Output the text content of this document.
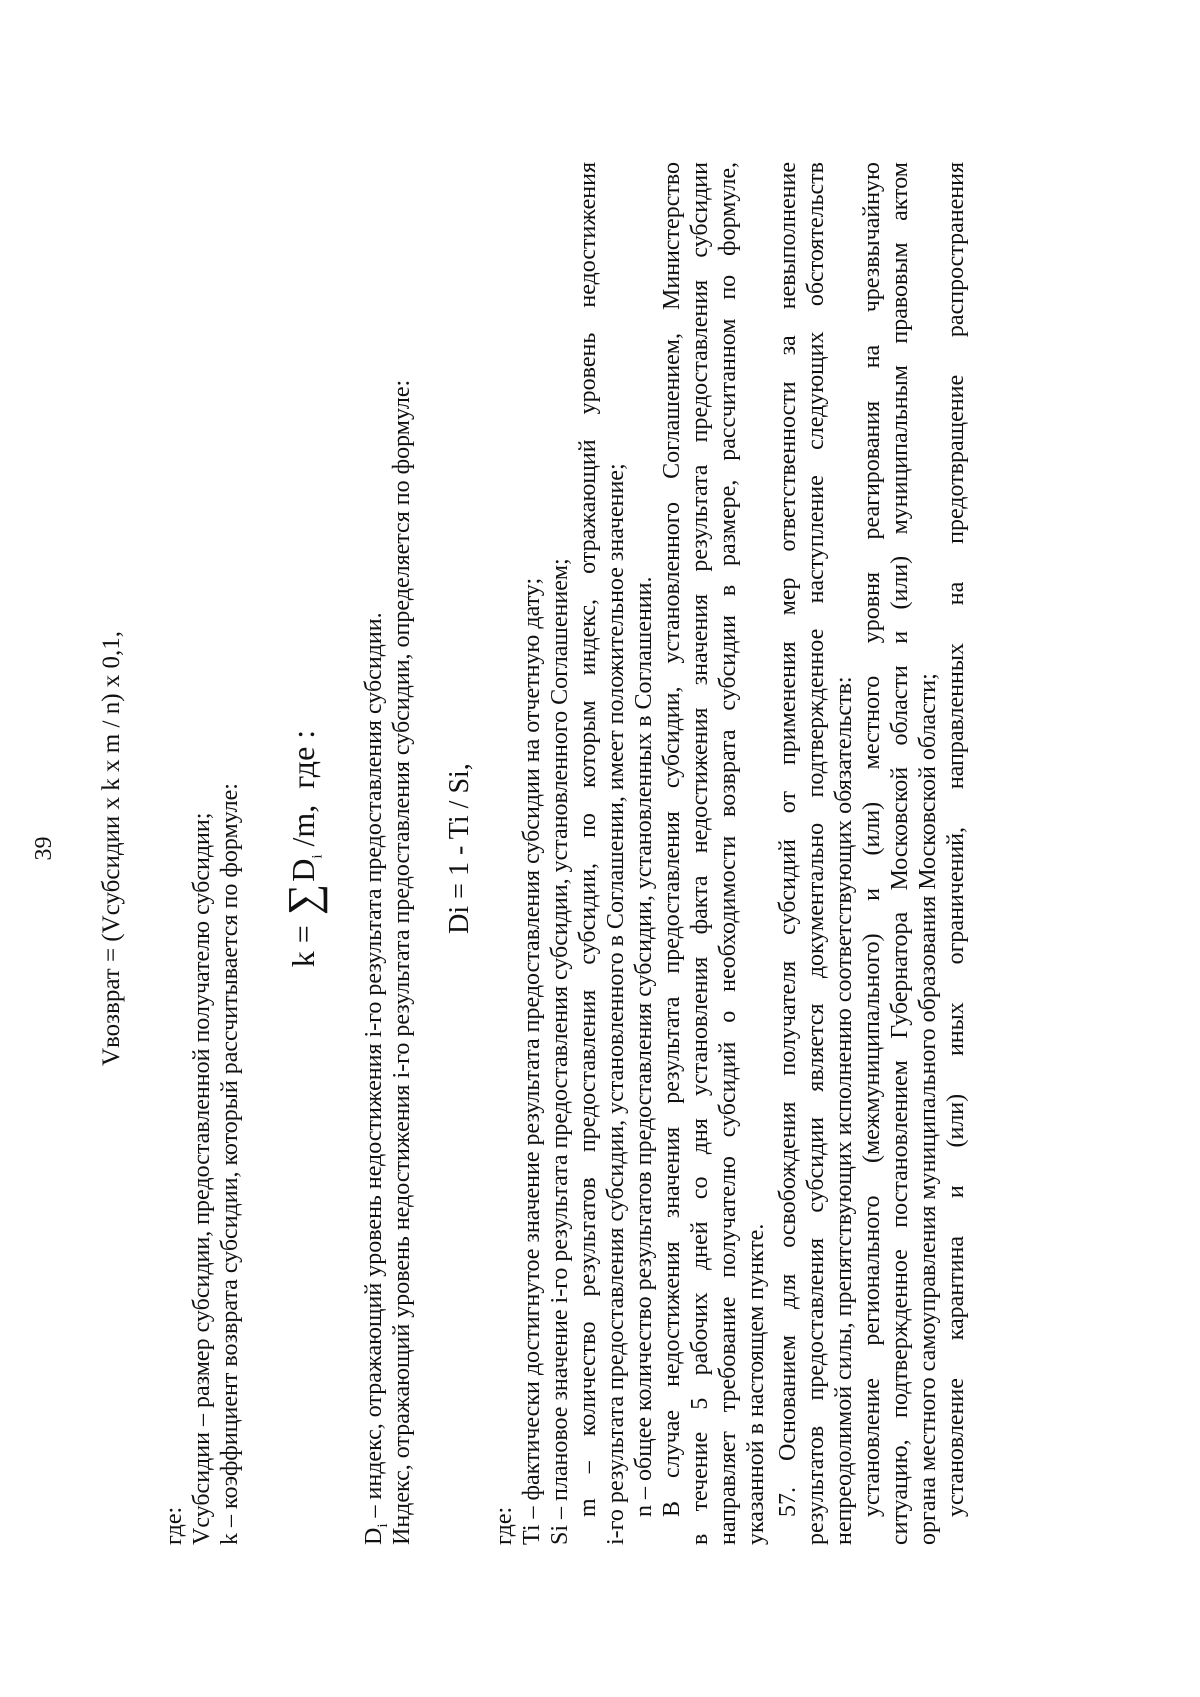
39 Vвозврат = (Vсубсидии x k x m / n) x 0,1,
где: Vсубсидии – размер субсидии, предоставленной получателю субсидии; k – коэффициент возврата субсидии, который рассчитывается по формуле: $k = \sum D_i$ /m, где :
$D_i$ – индекс, отражающий уровень недостижения i-го результата предоставления субсидии. Индекс, отражающий уровень недостижения i-го результата предоставления субсидии, определяется по формуле: Di = 1 - Ti / Si,
где: Ti – фактически достигнутое значение результата предоставления субсидии на отчетную дату; Si – плановое значение i-го результата предоставления субсидии, установленного Соглашением; m – количество результатов предоставления субсидии, по которым индекс, отражающий уровень недостижения i-го результата предоставления субсидии, установленного в Соглашении, имеет положительное значение; n – общее количество результатов предоставления субсидии, установленных в Соглашении. В случае недостижения значения результата предоставления субсидии, установленного Соглашением, Министерство в течение 5 рабочих дней со дня установления факта недостижения значения результата предоставления субсидии направляет требование получателю субсидий о необходимости возврата субсидии в размере, рассчитанном по формуле, указанной в настоящем пункте. 57. Основанием для освобождения получателя субсидий от применения мер ответственности за невыполнение результатов предоставления субсидии является документально подтвержденное наступление следующих обстоятельств непреодолимой силы, препятствующих исполнению соответствующих обязательств: установление регионального (межмуниципального) и (или) местного уровня реагирования на чрезвычайную ситуацию, подтвержденное постановлением Губернатора Московской области и (или) муниципальным правовым актом органа местного самоуправления муниципального образования Московской области; установление карантина и (или) иных ограничений, направленных на предотвращение распространения
